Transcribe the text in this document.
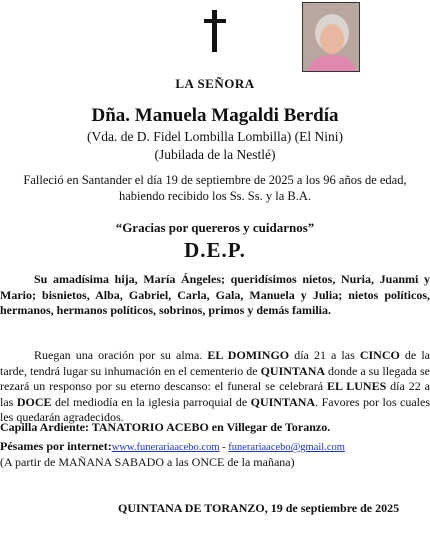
LA SEÑORA
Dña. Manuela Magaldi Berdía
(Vda. de D. Fidel Lombilla Lombilla) (El Nini)
(Jubilada de la Nestlé)
Falleció en Santander el día 19 de septiembre de 2025 a los 96 años de edad,
habiendo recibido los Ss. Ss. y la B.A.
“Gracias por quereros y cuidarnos”
D.E.P.
Su amadísima hija, María Ángeles; queridísimos nietos, Nuria, Juanmi y Mario; bisnietos, Alba, Gabriel, Carla, Gala, Manuela y Julia; nietos políticos, hermanos, hermanos políticos, sobrinos, primos y demás familia.
Ruegan una oración por su alma. EL DOMINGO día 21 a las CINCO de la tarde, tendrá lugar su inhumación en el cementerio de QUINTANA donde a su llegada se rezará un responso por su eterno descanso: el funeral se celebrará EL LUNES día 22 a las DOCE del mediodía en la iglesia parroquial de QUINTANA. Favores por los cuales les quedarán agradecidos.
Capilla Ardiente: TANATORIO ACEBO en Villegar de Toranzo.
Pésames por internet:www.funerariaacebo.com - funerariaacebo@gmail.com
(A partir de MAÑANA SABADO a las ONCE de la mañana)
QUINTANA DE TORANZO, 19 de septiembre de 2025
